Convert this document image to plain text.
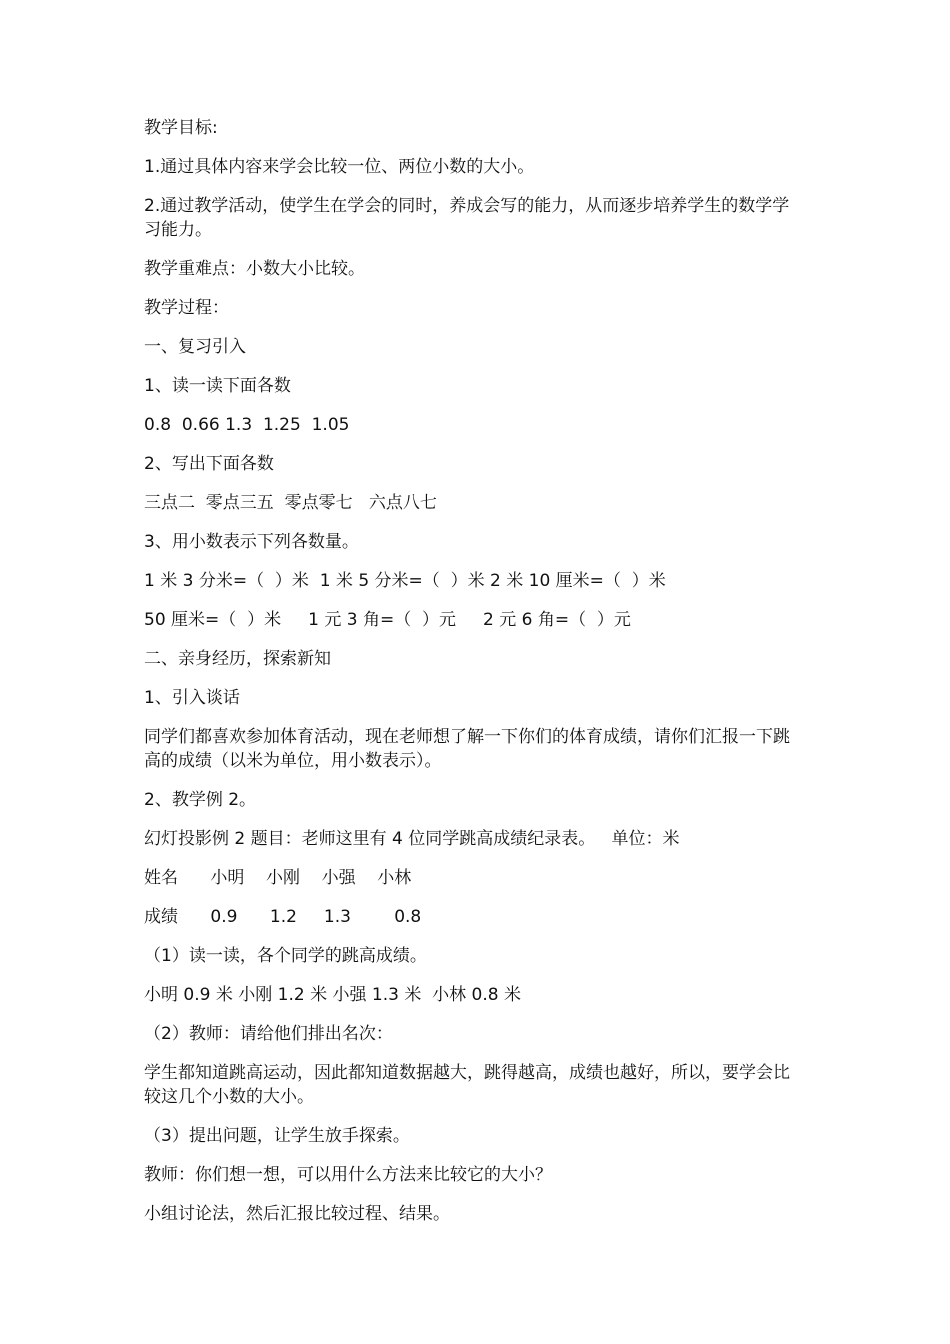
教学目标:

1.通过具体内容来学会比较一位、两位小数的大小。

2.通过教学活动，使学生在学会的同时，养成会写的能力，从而逐步培养学生的数学学习能力。

教学重难点：小数大小比较。

教学过程：

一、复习引入

1、读一读下面各数

0.8  0.66 1.3  1.25  1.05

2、写出下面各数

三点二  零点三五  零点零七   六点八七

3、用小数表示下列各数量。

1 米 3 分米=（  ）米  1 米 5 分米=（  ）米 2 米 10 厘米=（  ）米

50 厘米=（  ）米     1 元 3 角=（  ）元     2 元 6 角=（  ）元

二、亲身经历，探索新知

1、引入谈话

同学们都喜欢参加体育活动，现在老师想了解一下你们的体育成绩，请你们汇报一下跳高的成绩（以米为单位，用小数表示）。

2、教学例 2。

幻灯投影例 2 题目：老师这里有 4 位同学跳高成绩纪录表。   单位：米

姓名      小明    小刚    小强    小林

成绩      0.9      1.2     1.3        0.8

（1）读一读，各个同学的跳高成绩。

小明 0.9 米 小刚 1.2 米 小强 1.3 米  小林 0.8 米

（2）教师：请给他们排出名次：

学生都知道跳高运动，因此都知道数据越大，跳得越高，成绩也越好，所以，要学会比较这几个小数的大小。

（3）提出问题，让学生放手探索。

教师：你们想一想，可以用什么方法来比较它的大小？

小组讨论法，然后汇报比较过程、结果。
